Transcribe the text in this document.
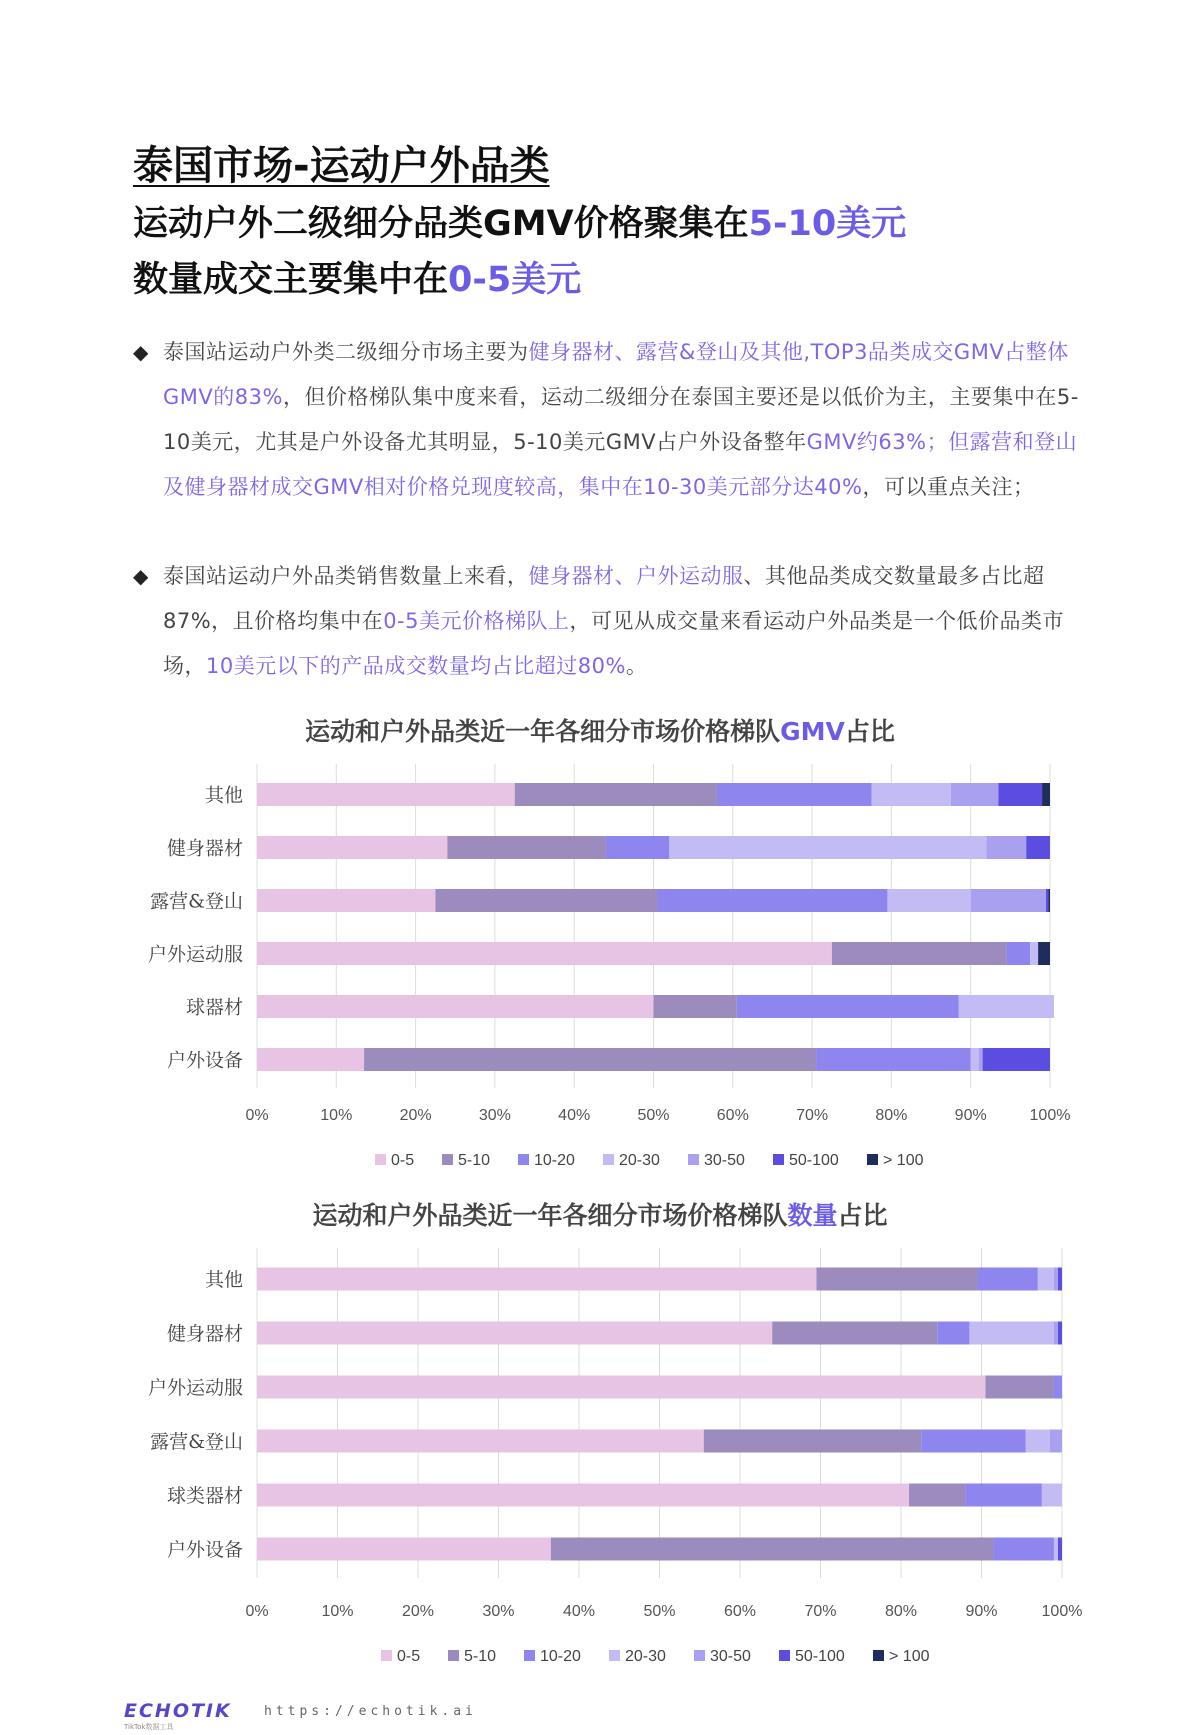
泰国市场-运动户外品类
运动户外二级细分品类GMV价格聚集在5-10美元
数量成交主要集中在0-5美元
◆ 泰国站运动户外类二级细分市场主要为健身器材、露营&登山及其他,TOP3品类成交GMV占整体GMV的83%，但价格梯队集中度来看，运动二级细分在泰国主要还是以低价为主，主要集中在5-10美元，尤其是户外设备尤其明显，5-10美元GMV占户外设备整年GMV约63%；但露营和登山及健身器材成交GMV相对价格兑现度较高，集中在10-30美元部分达40%，可以重点关注；
◆ 泰国站运动户外品类销售数量上来看，健身器材、户外运动服、其他品类成交数量最多占比超87%，且价格均集中在0-5美元价格梯队上，可见从成交量来看运动户外品类是一个低价品类市场，10美元以下的产品成交数量均占比超过80%。
运动和户外品类近一年各细分市场价格梯队GMV占比
0%	10%	20%	30%	40%	50%	60%	70%	80%	90%	100%
其他
健身器材
露营&登山
户外运动服
球器材
户外设备
0-5	5-10	10-20	20-30	30-50	50-100	> 100
运动和户外品类近一年各细分市场价格梯队数量占比
0%	10%	20%	30%	40%	50%	60%	70%	80%	90%	100%
其他
健身器材
户外运动服
露营&登山
球类器材
户外设备
0-5	5-10	10-20	20-30	30-50	50-100	> 100
ECHOTIK
TikTok数据工具
https://echotik.ai
